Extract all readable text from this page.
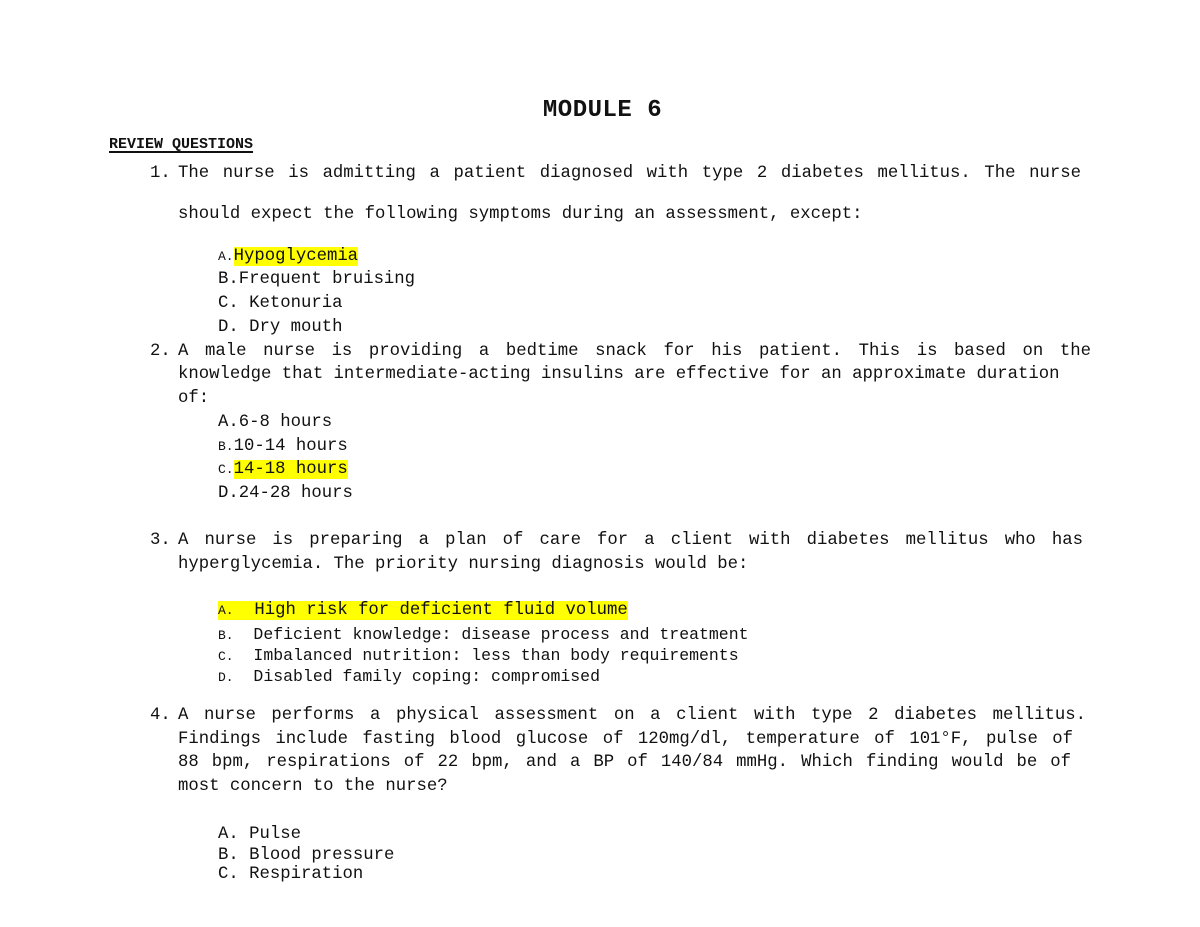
MODULE 6
REVIEW QUESTIONS
1. The nurse is admitting a patient diagnosed with type 2 diabetes mellitus. The nurse
should expect the following symptoms during an assessment, except:
A.Hypoglycemia
B.Frequent bruising
C. Ketonuria
D. Dry mouth
2. A male nurse is providing a bedtime snack for his patient. This is based on the
knowledge that intermediate-acting insulins are effective for an approximate duration
of:
A.6-8 hours
B.10-14 hours
C.14-18 hours
D.24-28 hours
3. A nurse is preparing a plan of care for a client with diabetes mellitus who has
hyperglycemia. The priority nursing diagnosis would be:
A. High risk for deficient fluid volume
B. Deficient knowledge: disease process and treatment
C. Imbalanced nutrition: less than body requirements
D. Disabled family coping: compromised
4. A nurse performs a physical assessment on a client with type 2 diabetes mellitus.
Findings include fasting blood glucose of 120mg/dl, temperature of 101°F, pulse of
88 bpm, respirations of 22 bpm, and a BP of 140/84 mmHg. Which finding would be of
most concern to the nurse?
A. Pulse
B. Blood pressure
C. Respiration
